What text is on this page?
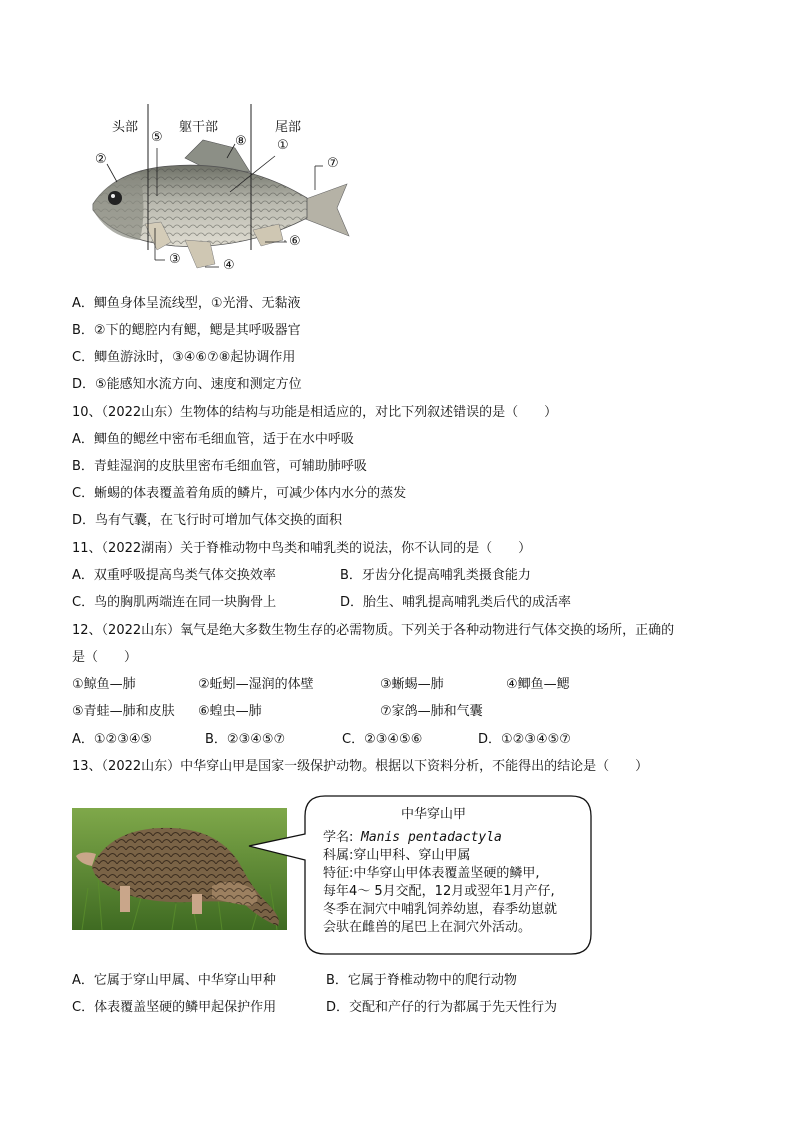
头部	躯干部	尾部
①
②
③	④
⑤
⑥
⑦
⑧
A．鲫鱼身体呈流线型，①光滑、无黏液
B．②下的鳃腔内有鳃，鳃是其呼吸器官
C．鲫鱼游泳时，③④⑥⑦⑧起协调作用
D．⑤能感知水流方向、速度和测定方位
10、（2022山东）生物体的结构与功能是相适应的，对比下列叙述错误的是（　　）
A．鲫鱼的鳃丝中密布毛细血管，适于在水中呼吸
B．青蛙湿润的皮肤里密布毛细血管，可辅助肺呼吸
C．蜥蜴的体表覆盖着角质的鳞片，可减少体内水分的蒸发
D．鸟有气囊，在飞行时可增加气体交换的面积
11、（2022湖南）关于脊椎动物中鸟类和哺乳类的说法，你不认同的是（　　）
A．双重呼吸提高鸟类气体交换效率	B．牙齿分化提高哺乳类摄食能力
C．鸟的胸肌两端连在同一块胸骨上	D．胎生、哺乳提高哺乳类后代的成活率
12、（2022山东）氧气是绝大多数生物生存的必需物质。下列关于各种动物进行气体交换的场所，正确的
是（　　）
①鲸鱼—肺	②蚯蚓—湿润的体壁	③蜥蜴—肺	④鲫鱼—鳃
⑤青蛙—肺和皮肤 ⑥蝗虫—肺	⑦家鸽—肺和气囊
A．①②③④⑤	B．②③④⑤⑦	C．②③④⑤⑥	D．①②③④⑤⑦
13、（2022山东）中华穿山甲是国家一级保护动物。根据以下资料分析，不能得出的结论是（　　）
中华穿山甲
学名: Manis pentadactyla
科属:穿山甲科、穿山甲属
特征:中华穿山甲体表覆盖坚硬的鳞甲,
每年4～ 5月交配，12月或翌年1月产仔,
冬季在洞穴中哺乳饲养幼崽，春季幼崽就
会驮在雌兽的尾巴上在洞穴外活动。
A．它属于穿山甲属、中华穿山甲种	B．它属于脊椎动物中的爬行动物
C．体表覆盖坚硬的鳞甲起保护作用	D．交配和产仔的行为都属于先天性行为
